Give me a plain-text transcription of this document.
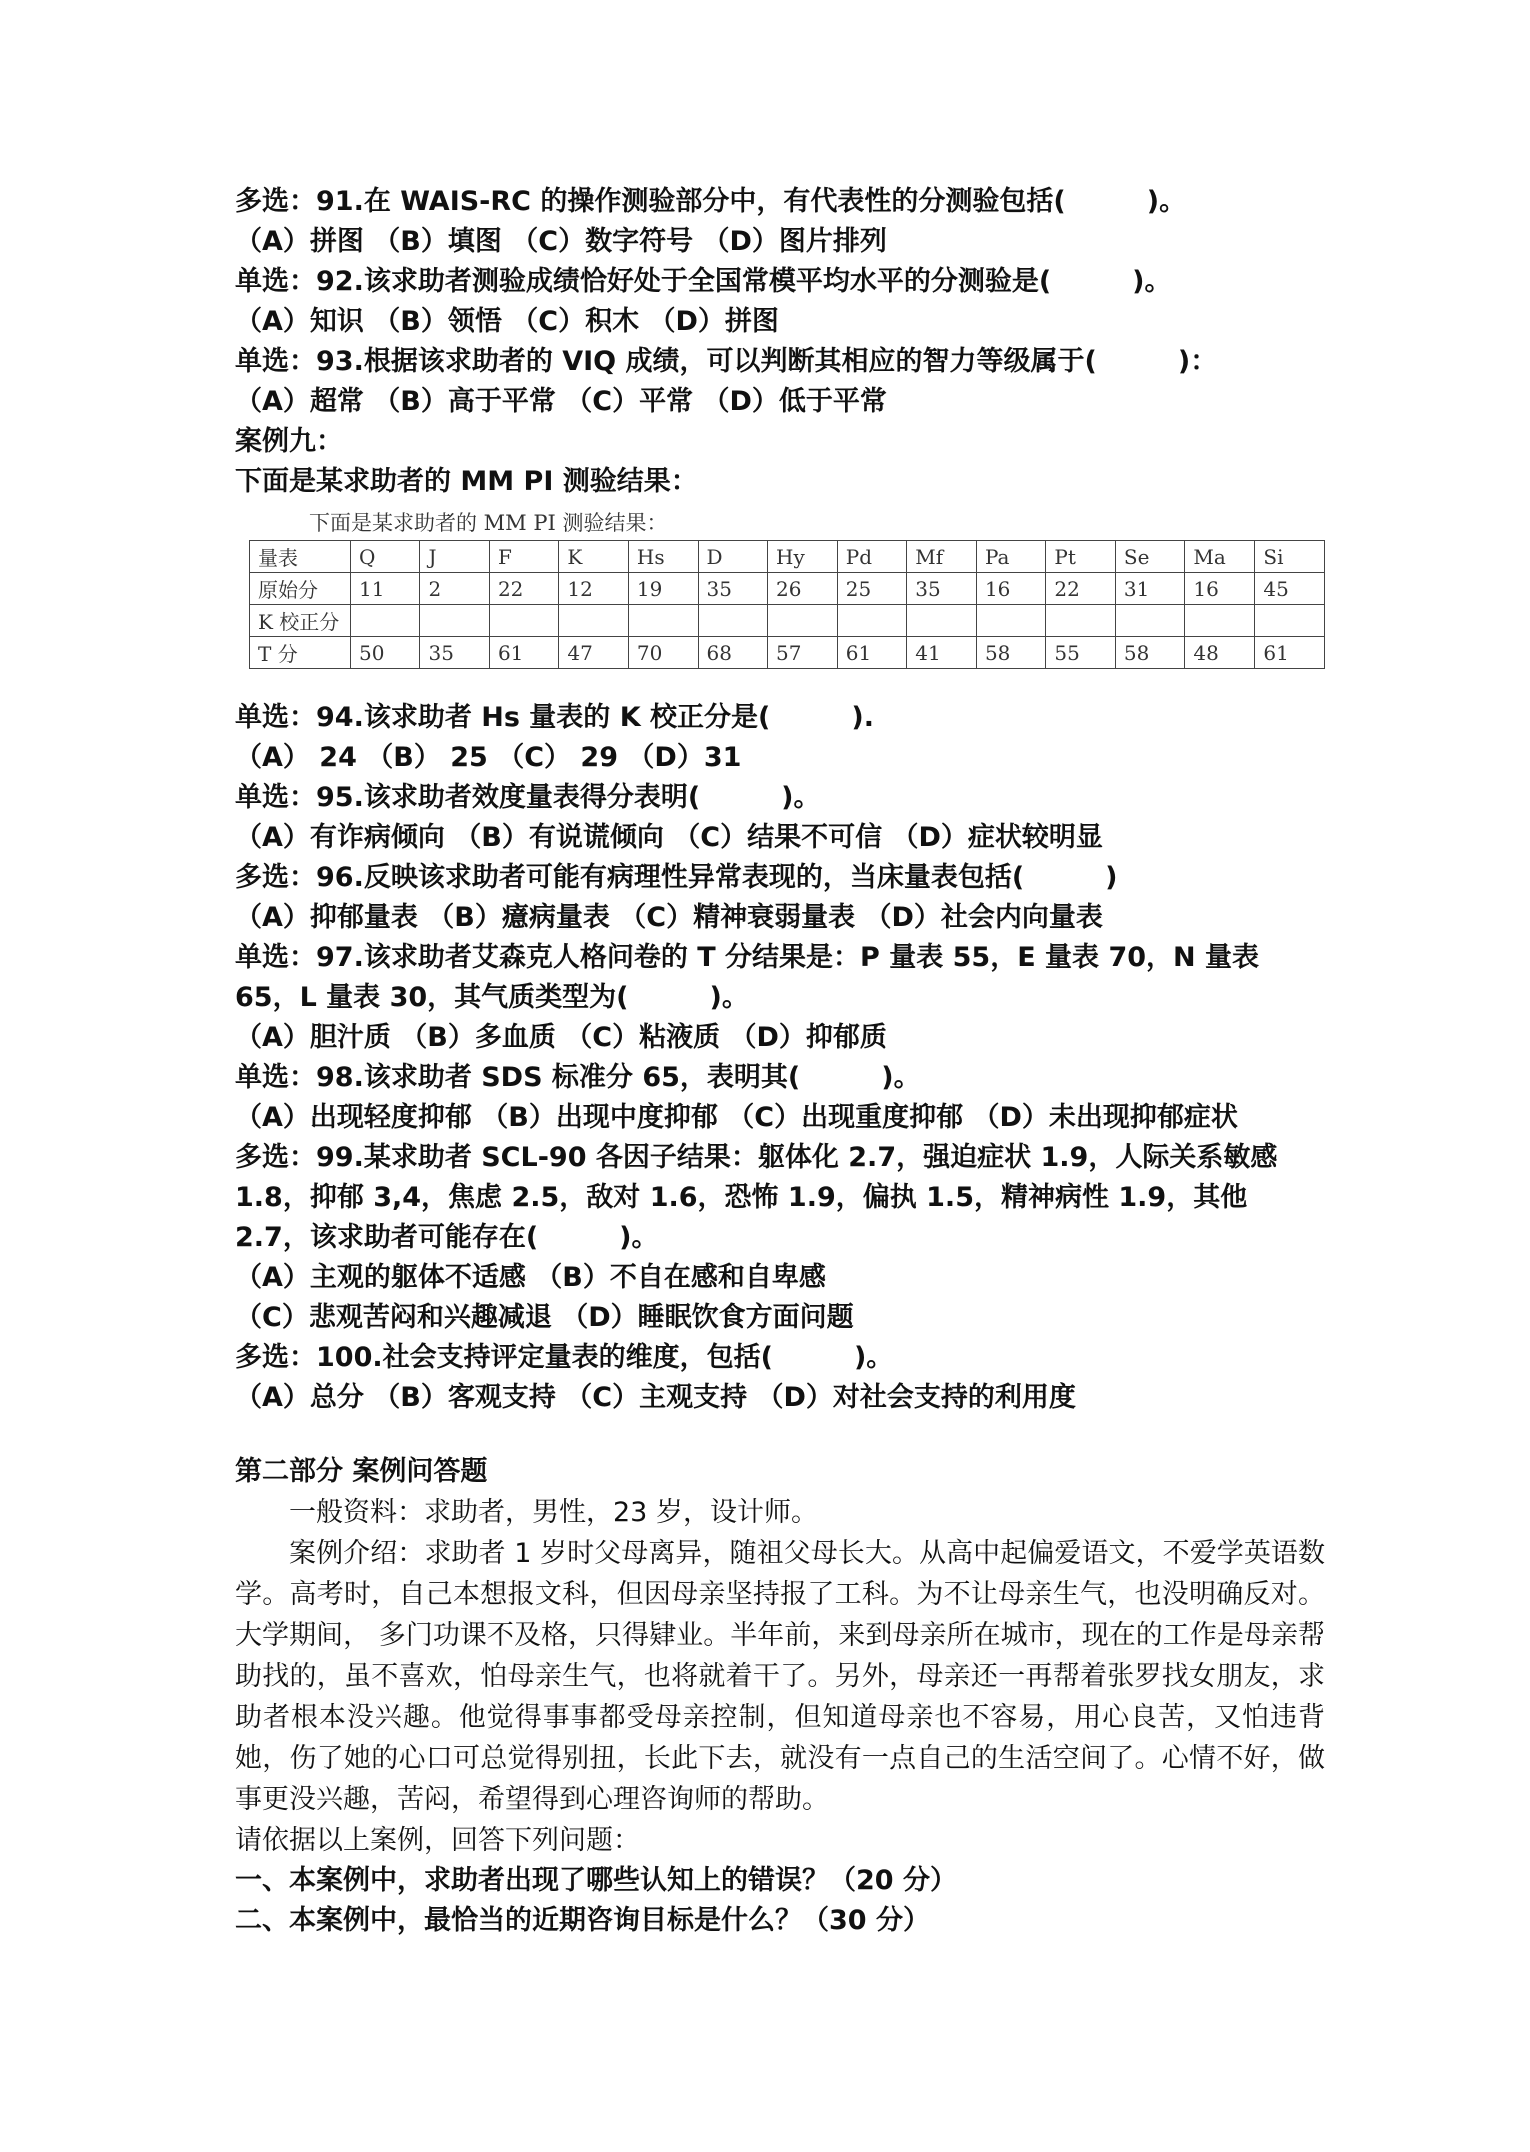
多选：91.在 WAIS-RC 的操作测验部分中，有代表性的分测验包括(　　　)。
（A）拼图 （B）填图 （C）数字符号 （D）图片排列
单选：92.该求助者测验成绩恰好处于全国常模平均水平的分测验是(　　　)。
（A）知识 （B）领悟 （C）积木 （D）拼图
单选：93.根据该求助者的 VIQ 成绩，可以判断其相应的智力等级属于(　　　)：
（A）超常 （B）高于平常 （C）平常 （D）低于平常
案例九：
下面是某求助者的 MM PI 测验结果：
下面是某求助者的 MM PI 测验结果：
量表	Q	J	F	K	Hs	D	Hy	Pd	Mf	Pa	Pt	Se	Ma	Si
原始分	11	2	22	12	19	35	26	25	35	16	22	31	16	45
K 校正分														
T 分	50	35	61	47	70	68	57	61	41	58	55	58	48	61
单选：94.该求助者 Hs 量表的 K 校正分是(　　　).
（A） 24 （B） 25 （C） 29 （D）31
单选：95.该求助者效度量表得分表明(　　　)。
（A）有诈病倾向 （B）有说谎倾向 （C）结果不可信 （D）症状较明显
多选：96.反映该求助者可能有病理性异常表现的，当床量表包括(　　　)
（A）抑郁量表 （B）癔病量表 （C）精神衰弱量表 （D）社会内向量表
单选：97.该求助者艾森克人格问卷的 T 分结果是：P 量表 55，E 量表 70，N 量表 65，L 量表 30，其气质类型为(　　　)。
（A）胆汁质 （B）多血质 （C）粘液质 （D）抑郁质
单选：98.该求助者 SDS 标准分 65，表明其(　　　)。
（A）出现轻度抑郁 （B）出现中度抑郁 （C）出现重度抑郁 （D）未出现抑郁症状
多选：99.某求助者 SCL-90 各因子结果：躯体化 2.7，强迫症状 1.9，人际关系敏感 1.8，抑郁 3,4，焦虑 2.5，敌对 1.6，恐怖 1.9，偏执 1.5，精神病性 1.9，其他 2.7，该求助者可能存在(　　　)。
（A）主观的躯体不适感 （B）不自在感和自卑感
（C）悲观苦闷和兴趣减退 （D）睡眠饮食方面问题
多选：100.社会支持评定量表的维度，包括(　　　)。
（A）总分 （B）客观支持 （C）主观支持 （D）对社会支持的利用度
第二部分 案例问答题
一般资料：求助者，男性，23 岁，设计师。
案例介绍：求助者 1 岁时父母离异，随祖父母长大。从高中起偏爱语文，不爱学英语数学。高考时，自己本想报文科，但因母亲坚持报了工科。为不让母亲生气，也没明确反对。大学期间， 多门功课不及格，只得肄业。半年前，来到母亲所在城市，现在的工作是母亲帮助找的，虽不喜欢，怕母亲生气，也将就着干了。另外，母亲还一再帮着张罗找女朋友，求助者根本没兴趣。他觉得事事都受母亲控制，但知道母亲也不容易，用心良苦，又怕违背她，伤了她的心口可总觉得别扭，长此下去，就没有一点自己的生活空间了。心情不好，做事更没兴趣，苦闷，希望得到心理咨询师的帮助。
请依据以上案例，回答下列问题：
一、本案例中，求助者出现了哪些认知上的错误？（20 分）
二、本案例中，最恰当的近期咨询目标是什么？（30 分）
